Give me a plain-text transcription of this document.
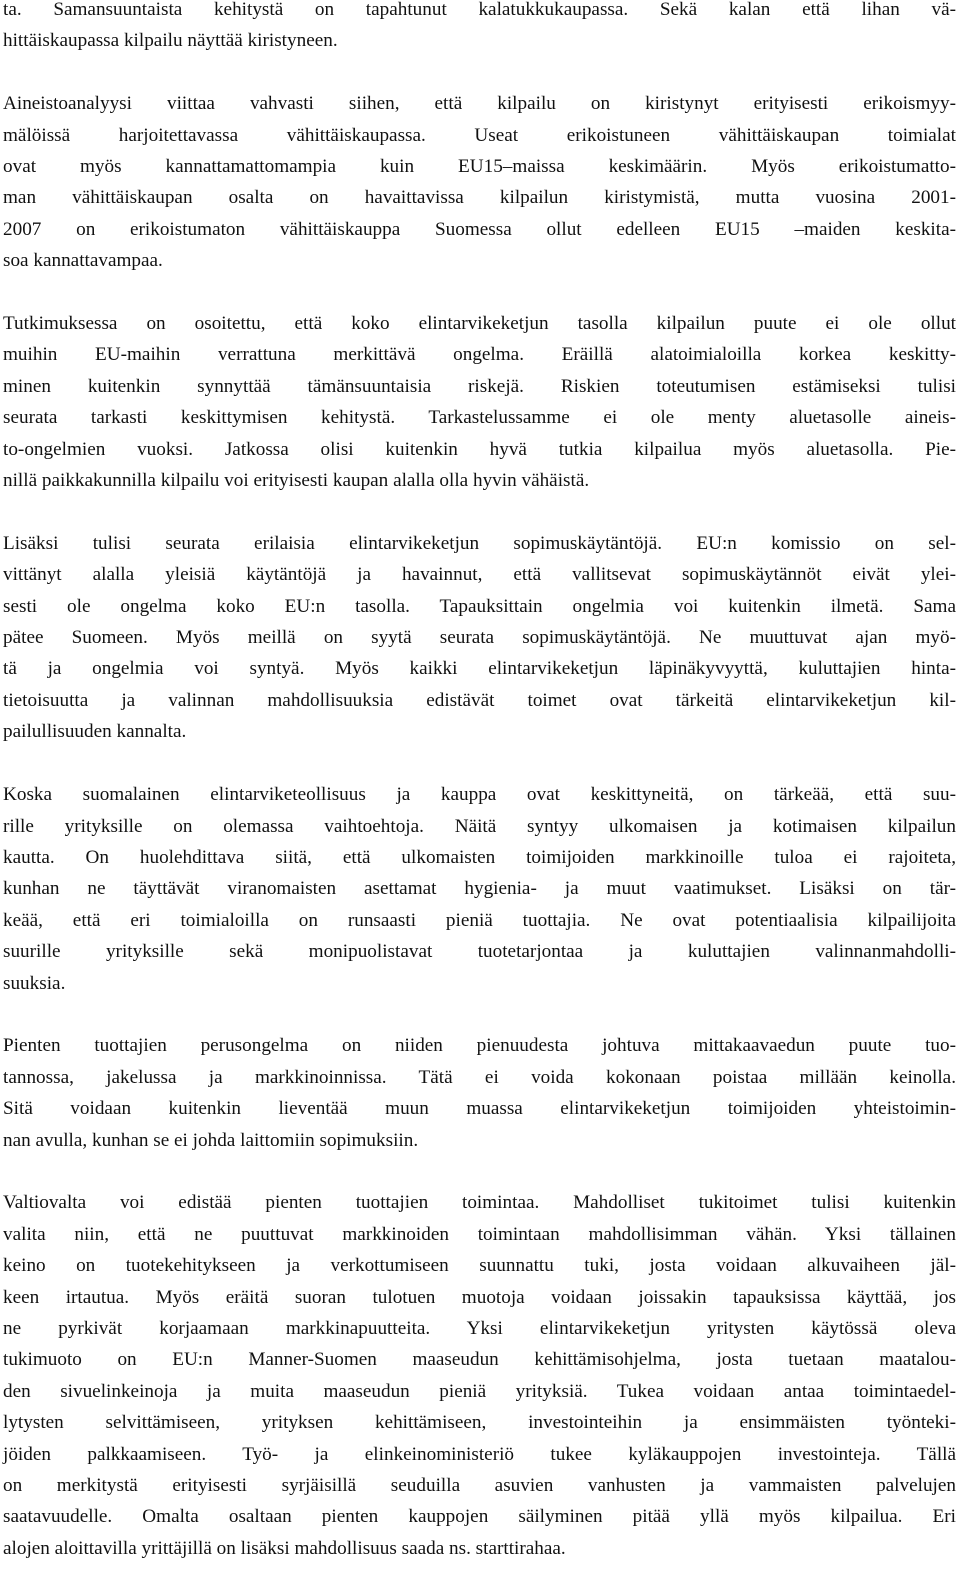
ta. Samansuuntaista kehitystä on tapahtunut kalatukkukaupassa. Sekä kalan että lihan vä-
hittäiskaupassa kilpailu näyttää kiristyneen.
Aineistoanalyysi viittaa vahvasti siihen, että kilpailu on kiristynyt erityisesti erikoismyy-
mälöissä harjoitettavassa vähittäiskaupassa. Useat erikoistuneen vähittäiskaupan toimialat
ovat myös kannattamattomampia kuin EU15–maissa keskimäärin. Myös erikoistumatto-
man vähittäiskaupan osalta on havaittavissa kilpailun kiristymistä, mutta vuosina 2001-
2007 on erikoistumaton vähittäiskauppa Suomessa ollut edelleen EU15 –maiden keskita-
soa kannattavampaa.
Tutkimuksessa on osoitettu, että koko elintarvikeketjun tasolla kilpailun puute ei ole ollut
muihin EU-maihin verrattuna merkittävä ongelma. Eräillä alatoimialoilla korkea keskitty-
minen kuitenkin synnyttää tämänsuuntaisia riskejä. Riskien toteutumisen estämiseksi tulisi
seurata tarkasti keskittymisen kehitystä. Tarkastelussamme ei ole menty aluetasolle aineis-
to-ongelmien vuoksi. Jatkossa olisi kuitenkin hyvä tutkia kilpailua myös aluetasolla. Pie-
nillä paikkakunnilla kilpailu voi erityisesti kaupan alalla olla hyvin vähäistä.
Lisäksi tulisi seurata erilaisia elintarvikeketjun sopimuskäytäntöjä. EU:n komissio on sel-
vittänyt alalla yleisiä käytäntöjä ja havainnut, että vallitsevat sopimuskäytännöt eivät ylei-
sesti ole ongelma koko EU:n tasolla. Tapauksittain ongelmia voi kuitenkin ilmetä. Sama
pätee Suomeen. Myös meillä on syytä seurata sopimuskäytäntöjä. Ne muuttuvat ajan myö-
tä ja ongelmia voi syntyä. Myös kaikki elintarvikeketjun läpinäkyvyyttä, kuluttajien hinta-
tietoisuutta ja valinnan mahdollisuuksia edistävät toimet ovat tärkeitä elintarvikeketjun kil-
pailullisuuden kannalta.
Koska suomalainen elintarviketeollisuus ja kauppa ovat keskittyneitä, on tärkeää, että suu-
rille yrityksille on olemassa vaihtoehtoja. Näitä syntyy ulkomaisen ja kotimaisen kilpailun
kautta. On huolehdittava siitä, että ulkomaisten toimijoiden markkinoille tuloa ei rajoiteta,
kunhan ne täyttävät viranomaisten asettamat hygienia- ja muut vaatimukset. Lisäksi on tär-
keää, että eri toimialoilla on runsaasti pieniä tuottajia. Ne ovat potentiaalisia kilpailijoita
suurille yrityksille sekä monipuolistavat tuotetarjontaa ja kuluttajien valinnanmahdolli-
suuksia.
Pienten tuottajien perusongelma on niiden pienuudesta johtuva mittakaavaedun puute tuo-
tannossa, jakelussa ja markkinoinnissa. Tätä ei voida kokonaan poistaa millään keinolla.
Sitä voidaan kuitenkin lieventää muun muassa elintarvikeketjun toimijoiden yhteistoimin-
nan avulla, kunhan se ei johda laittomiin sopimuksiin.
Valtiovalta voi edistää pienten tuottajien toimintaa. Mahdolliset tukitoimet tulisi kuitenkin
valita niin, että ne puuttuvat markkinoiden toimintaan mahdollisimman vähän. Yksi tällainen
keino on tuotekehitykseen ja verkottumiseen suunnattu tuki, josta voidaan alkuvaiheen jäl-
keen irtautua. Myös eräitä suoran tulotuen muotoja voidaan joissakin tapauksissa käyttää, jos
ne pyrkivät korjaamaan markkinapuutteita. Yksi elintarvikeketjun yritysten käytössä oleva
tukimuoto on EU:n Manner-Suomen maaseudun kehittämisohjelma, josta tuetaan maatalou-
den sivuelinkeinoja ja muita maaseudun pieniä yrityksiä. Tukea voidaan antaa toimintaedel-
lytysten selvittämiseen, yrityksen kehittämiseen, investointeihin ja ensimmäisten työnteki-
jöiden palkkaamiseen. Työ- ja elinkeinoministeriö tukee kyläkauppojen investointeja. Tällä
on merkitystä erityisesti syrjäisillä seuduilla asuvien vanhusten ja vammaisten palvelujen
saatavuudelle. Omalta osaltaan pienten kauppojen säilyminen pitää yllä myös kilpailua. Eri
alojen aloittavilla yrittäjillä on lisäksi mahdollisuus saada ns. starttirahaa.
